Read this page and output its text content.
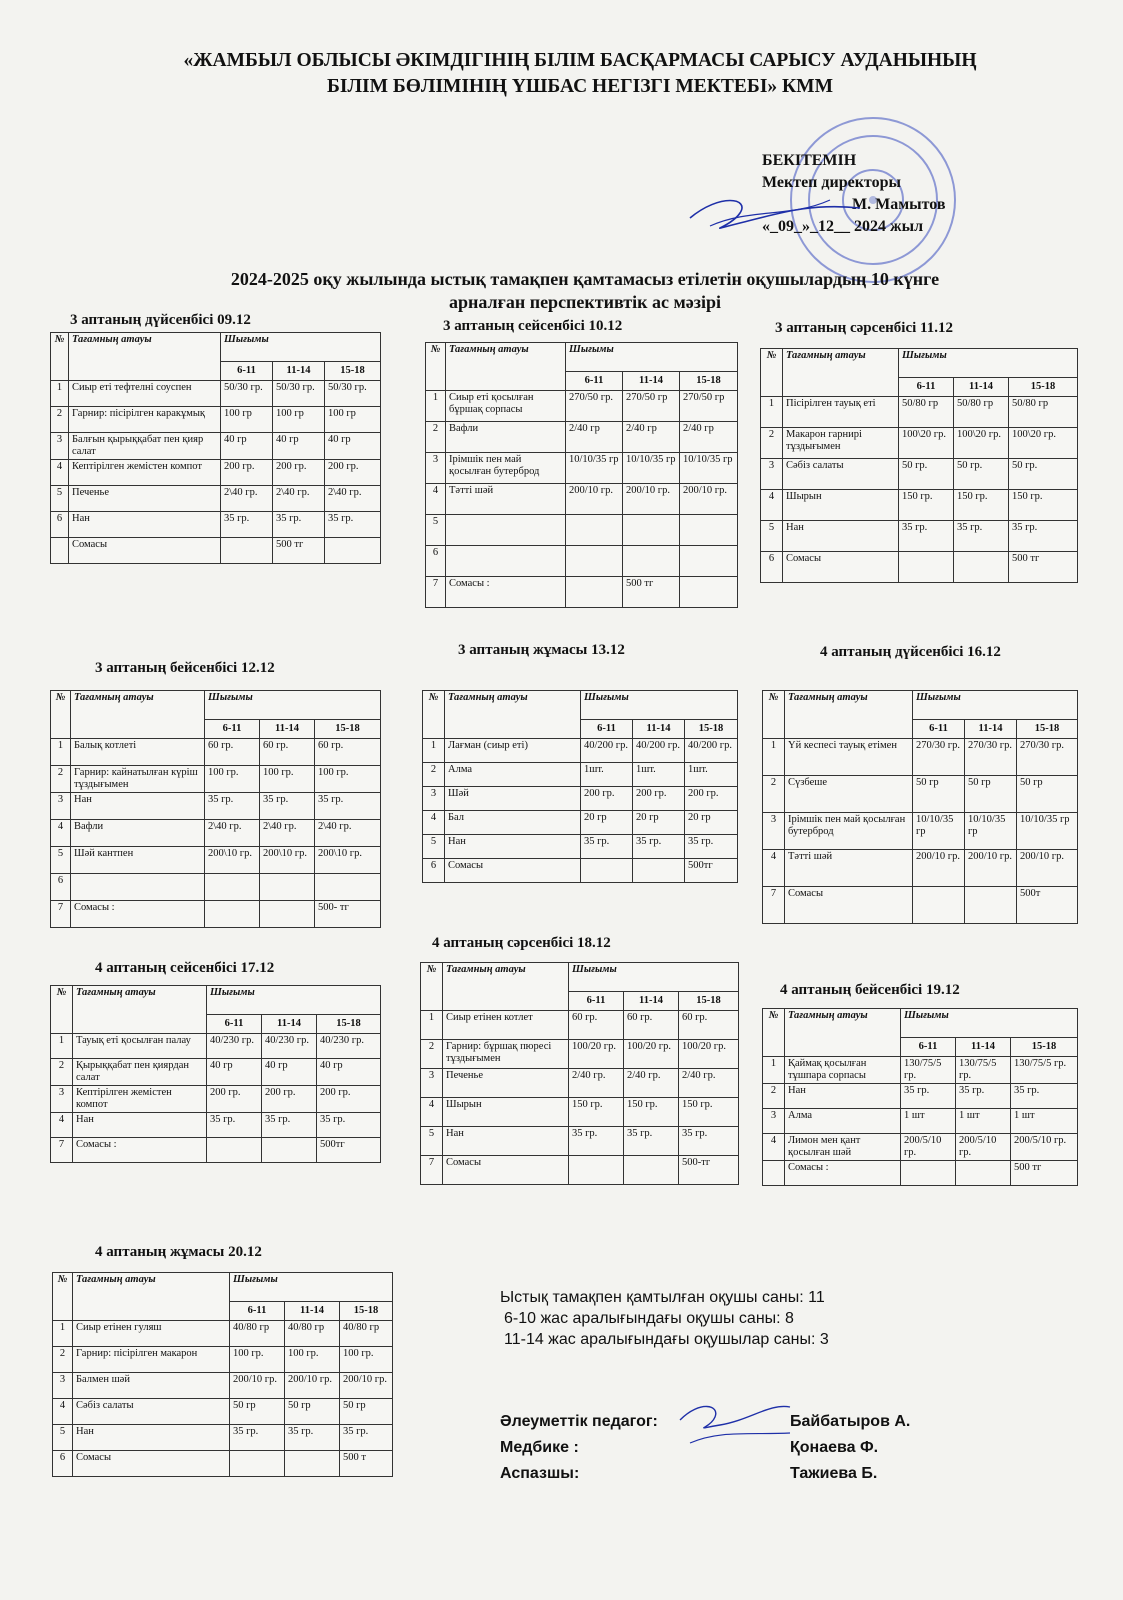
«ЖАМБЫЛ ОБЛЫСЫ ӘКІМДІГІНІҢ БІЛІМ БАСҚАРМАСЫ САРЫСУ АУДАНЫНЫҢ
БІЛІМ БӨЛІМІНІҢ ҮШБАС НЕГІЗГІ МЕКТЕБІ» КММ
БЕКІТЕМІН
Мектеп директоры
М. Мамытов
«_09_»_12__ 2024 жыл
2024-2025 оқу жылында ыстық тамақпен қамтамасыз етілетін оқушылардың 10 күнге
арналған перспективтік ас мәзірі
3 аптаның дүйсенбісі 09.12
№	Тағамның атауы	Шығымы		
		6-11	11-14	15-18
1	Сиыр еті тефтелні соуспен	50/30 гр.	50/30 гр.	50/30 гр.
2	Гарнир: пісірілген каракұмық	100 гр	100 гр	100 гр
3	Балғын қырыққабат пен қияр салат	40 гр	40 гр	40 гр
4	Кептірілген жемістен компот	200 гр.	200 гр.	200 гр.
5	Печенье	2\40 гр.	2\40 гр.	2\40 гр.
6	Нан	35 гр.	35 гр.	35 гр.
	Сомасы		500 тг	
3 аптаның сейсенбісі 10.12
№	Тағамның атауы	Шығымы		
		6-11	11-14	15-18
1	Сиыр еті қосылған бұршақ сорпасы	270/50 гр.	270/50 гр	270/50 гр
2	Вафли	2/40 гр	2/40 гр	2/40 гр
3	Ірімшік пен май қосылған бутерброд	10/10/35 гр	10/10/35 гр	10/10/35 гр
4	Тәтті шәй	200/10 гр.	200/10 гр.	200/10 гр.
5				
6				
7	Сомасы :		500 тг	
3 аптаның сәрсенбісі 11.12
№	Тағамның атауы	Шығымы		
		6-11	11-14	15-18
1	Пісірілген тауық еті	50/80 гр	50/80 гр	50/80 гр
2	Макарон гарнирі тұздығымен	100\20 гр.	100\20 гр.	100\20 гр.
3	Сәбіз салаты	50 гр.	50 гр.	50 гр.
4	Шырын	150 гр.	150 гр.	150 гр.
5	Нан	35 гр.	35 гр.	35 гр.
6	Сомасы			500 тг
3 аптаның бейсенбісі 12.12
№	Тағамның атауы	Шығымы		
		6-11	11-14	15-18
1	Балық котлеті	60 гр.	60 гр.	60 гр.
2	Гарнир: кайнатылған күріш тұздығымен	100 гр.	100 гр.	100 гр.
3	Нан	35 гр.	35 гр.	35 гр.
4	Вафли	2\40 гр.	2\40 гр.	2\40 гр.
5	Шәй кантпен	200\10 гр.	200\10 гр.	200\10 гр.
6				
7	Сомасы :			500- тг
3 аптаның жұмасы 13.12
№	Тағамның атауы	Шығымы		
		6-11	11-14	15-18
1	Лағман (сиыр еті)	40/200 гр.	40/200 гр.	40/200 гр.
2	Алма	1шт.	1шт.	1шт.
3	Шәй	200 гр.	200 гр.	200 гр.
4	Бал	20 гр	20 гр	20 гр
5	Нан	35 гр.	35 гр.	35 гр.
6	Сомасы			500тг
4 аптаның дүйсенбісі 16.12
№	Тағамның атауы	Шығымы		
		6-11	11-14	15-18
1	Үй кеспесі тауық етімен	270/30 гр.	270/30 гр.	270/30 гр.
2	Сүзбеше	50 гр	50 гр	50 гр
3	Ірімшік пен май қосылған бутерброд	10/10/35 гр	10/10/35 гр	10/10/35 гр
4	Тәтті шәй	200/10 гр.	200/10 гр.	200/10 гр.
7	Сомасы			500т
4 аптаның сейсенбісі 17.12
№	Тағамның атауы	Шығымы		
		6-11	11-14	15-18
1	Тауық еті қосылған палау	40/230 гр.	40/230 гр.	40/230 гр.
2	Қырыққабат пен қиярдан салат	40 гр	40 гр	40 гр
3	Кептірілген жемістен компот	200 гр.	200 гр.	200 гр.
4	Нан	35 гр.	35 гр.	35 гр.
7	Сомасы :			500тг
4 аптаның сәрсенбісі 18.12
№	Тағамның атауы	Шығымы		
		6-11	11-14	15-18
1	Сиыр етінен котлет	60 гр.	60 гр.	60 гр.
2	Гарнир: бұршақ пюресі тұздығымен	100/20 гр.	100/20 гр.	100/20 гр.
3	Печенье	2/40 гр.	2/40 гр.	2/40 гр.
4	Шырын	150 гр.	150 гр.	150 гр.
5	Нан	35 гр.	35 гр.	35 гр.
7	Сомасы			500-тг
4 аптаның бейсенбісі 19.12
№	Тағамның атауы	Шығымы		
		6-11	11-14	15-18
1	Қаймақ қосылған тұшпара сорпасы	130/75/5 гр.	130/75/5 гр.	130/75/5 гр.
2	Нан	35 гр.	35 гр.	35 гр.
3	Алма	1 шт	1 шт	1 шт
4	Лимон мен қант қосылған шәй	200/5/10 гр.	200/5/10 гр.	200/5/10 гр.
	Сомасы :			500 тг
4 аптаның жұмасы 20.12
№	Тағамның атауы	Шығымы		
		6-11	11-14	15-18
1	Сиыр етінен гуляш	40/80 гр	40/80 гр	40/80 гр
2	Гарнир: пісірілген макарон	100 гр.	100 гр.	100 гр.
3	Балмен шәй	200/10 гр.	200/10 гр.	200/10 гр.
4	Сәбіз салаты	50 гр	50 гр	50 гр
5	Нан	35 гр.	35 гр.	35 гр.
6	Сомасы			500 т
Ыстық тамақпен қамтылған оқушы саны: 11
6-10 жас аралығындағы оқушы саны: 8
11-14 жас аралығындағы оқушылар саны: 3
Әлеуметтік педагог:	Байбатыров А.
Медбике :	Қонаева Ф.
Аспазшы:	Тажиева Б.
